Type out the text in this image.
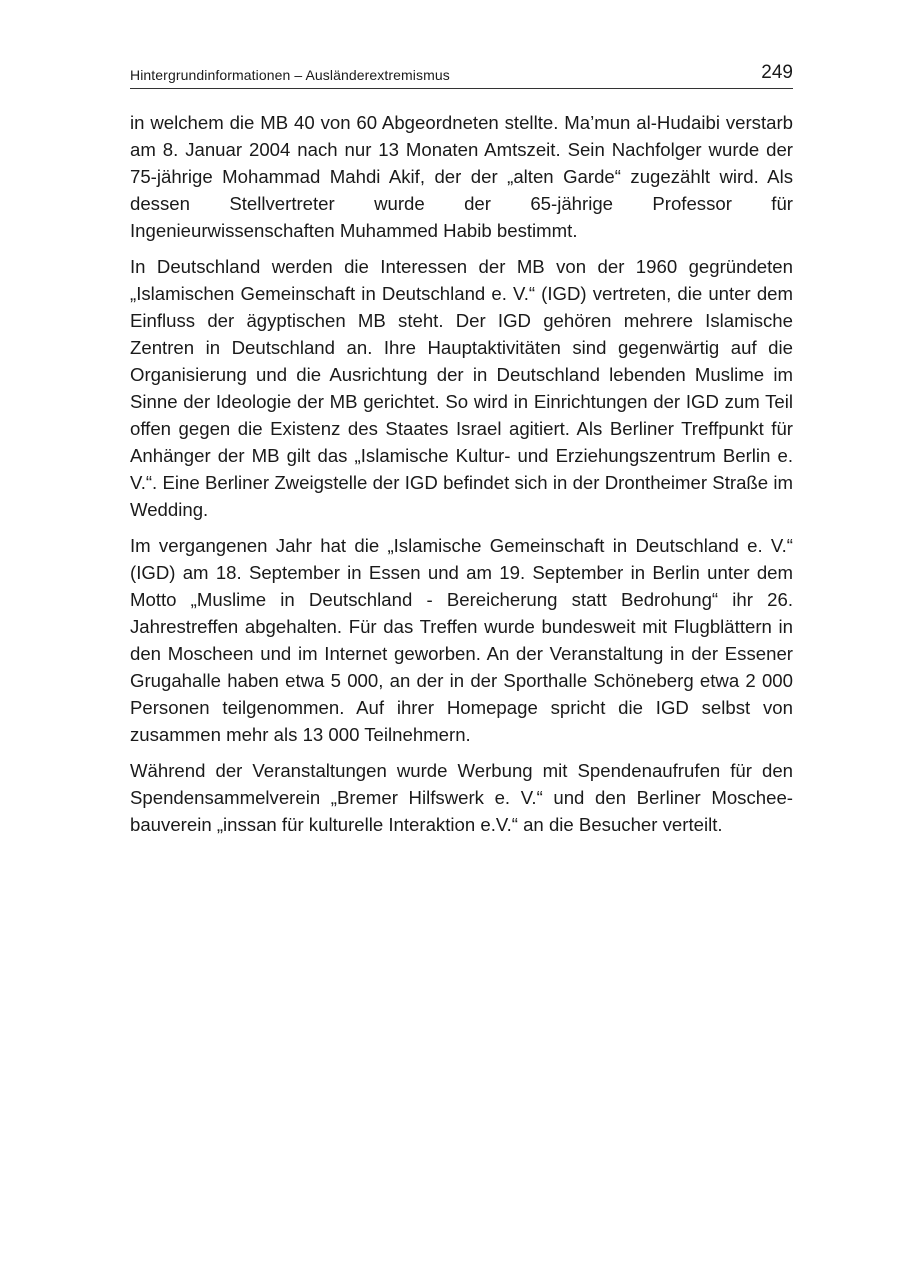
Hintergrundinformationen – Ausländerextremismus	249

in welchem die MB 40 von 60 Abgeordneten stellte. Ma’mun al-Hudaibi verstarb am 8. Januar 2004 nach nur 13 Monaten Amtszeit. Sein Nachfolger wurde der 75-jährige Mohammad Mahdi Akif, der der „alten Garde“ zugezählt wird. Als dessen Stellvertreter wurde der 65-jährige Professor für Ingenieurwissenschaften Muhammed Habib bestimmt.

In Deutschland werden die Interessen der MB von der 1960 gegründeten „Islamischen Gemeinschaft in Deutschland e. V.“ (IGD) vertreten, die unter dem Einfluss der ägyptischen MB steht. Der IGD gehören mehrere Islamische Zentren in Deutschland an. Ihre Hauptaktivitäten sind gegenwärtig auf die Organisierung und die Ausrichtung der in Deutschland lebenden Muslime im Sinne der Ideologie der MB gerichtet. So wird in Einrichtungen der IGD zum Teil offen gegen die Existenz des Staates Israel agitiert. Als Berliner Treffpunkt für Anhänger der MB gilt das „Islamische Kultur- und Erziehungszentrum Berlin e. V.“. Eine Berliner Zweigstelle der IGD befindet sich in der Drontheimer Straße im Wedding.

Im vergangenen Jahr hat die „Islamische Gemeinschaft in Deutschland e. V.“ (IGD) am 18. September in Essen und am 19. September in Berlin unter dem Motto „Muslime in Deutschland - Bereicherung statt Bedrohung“ ihr 26. Jahrestreffen abgehalten. Für das Treffen wurde bundesweit mit Flugblättern in den Moscheen und im Internet geworben. An der Veranstaltung in der Essener Grugahalle haben etwa 5 000, an der in der Sporthalle Schöneberg etwa 2 000 Personen teilgenommen. Auf ihrer Homepage spricht die IGD selbst von zusammen mehr als 13 000 Teilnehmern.

Während der Veranstaltungen wurde Werbung mit Spendenaufrufen für den Spendensammelverein „Bremer Hilfswerk e. V.“ und den Berliner Moscheebauverein „inssan für kulturelle Interaktion e.V.“ an die Besucher verteilt.
